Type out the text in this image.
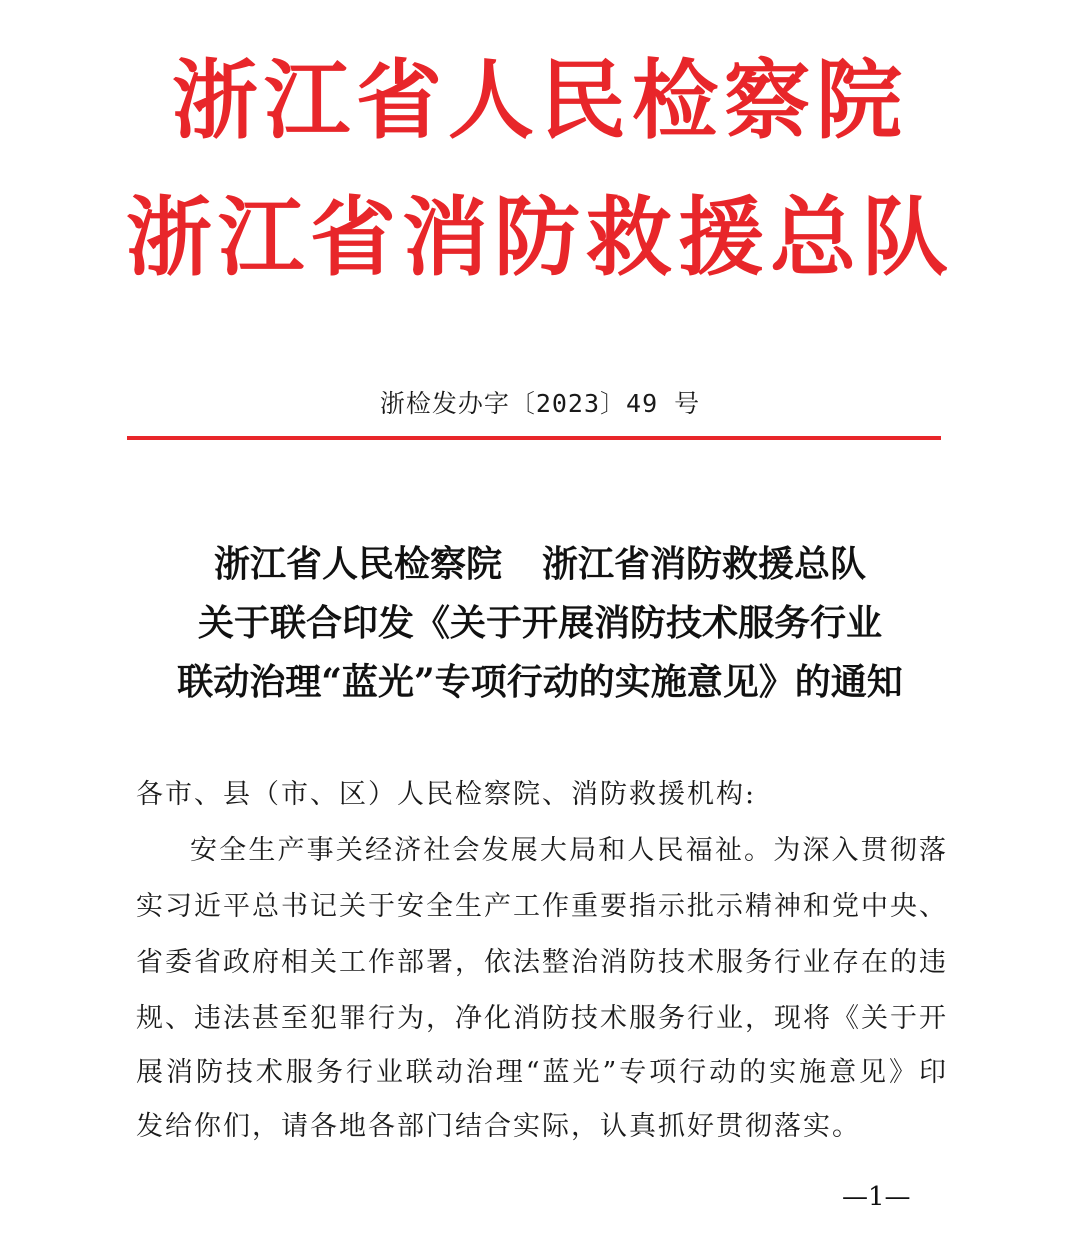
浙江省人民检察院
浙江省消防救援总队
浙检发办字〔2023〕49 号
浙江省人民检察院 浙江省消防救援总队
关于联合印发《关于开展消防技术服务行业
联动治理“蓝光”专项行动的实施意见》的通知
各市、县（市、区）人民检察院、消防救援机构:
安全生产事关经济社会发展大局和人民福祉。为深入贯彻落
实习近平总书记关于安全生产工作重要指示批示精神和党中央、
省委省政府相关工作部署，依法整治消防技术服务行业存在的违
规、违法甚至犯罪行为，净化消防技术服务行业，现将《关于开
展消防技术服务行业联动治理“蓝光”专项行动的实施意见》印
发给你们，请各地各部门结合实际，认真抓好贯彻落实。
—1—
